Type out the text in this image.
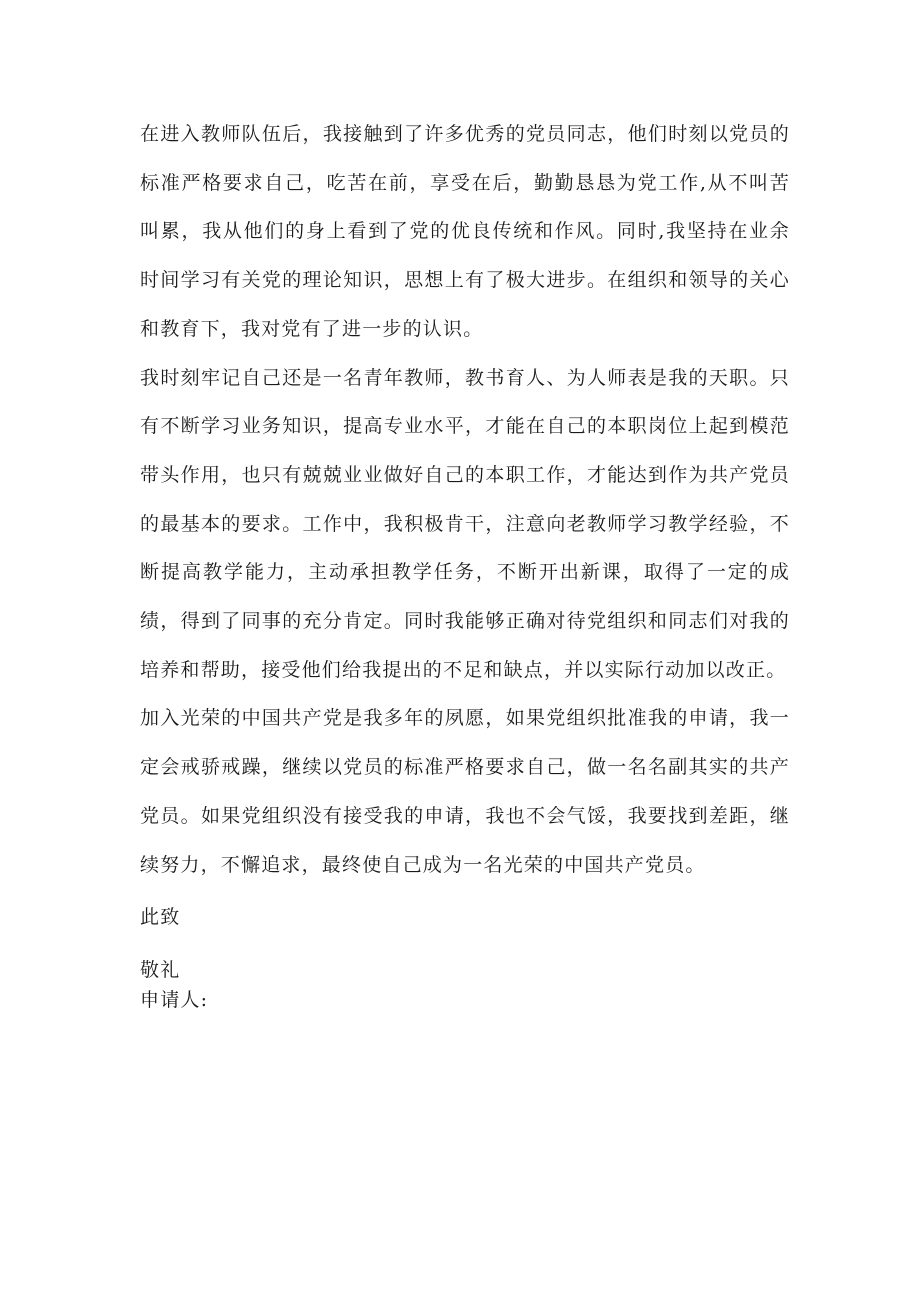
在进入教师队伍后，我接触到了许多优秀的党员同志，他们时刻以党员的标准严格要求自己，吃苦在前，享受在后，勤勤恳恳为党工作,从不叫苦叫累，我从他们的身上看到了党的优良传统和作风。同时,我坚持在业余时间学习有关党的理论知识，思想上有了极大进步。在组织和领导的关心和教育下，我对党有了进一步的认识。

我时刻牢记自己还是一名青年教师，教书育人、为人师表是我的天职。只有不断学习业务知识，提高专业水平，才能在自己的本职岗位上起到模范带头作用，也只有兢兢业业做好自己的本职工作，才能达到作为共产党员的最基本的要求。工作中，我积极肯干，注意向老教师学习教学经验，不断提高教学能力，主动承担教学任务，不断开出新课，取得了一定的成绩，得到了同事的充分肯定。同时我能够正确对待党组织和同志们对我的培养和帮助，接受他们给我提出的不足和缺点，并以实际行动加以改正。

加入光荣的中国共产党是我多年的夙愿，如果党组织批准我的申请，我一定会戒骄戒躁，继续以党员的标准严格要求自己，做一名名副其实的共产党员。如果党组织没有接受我的申请，我也不会气馁，我要找到差距，继续努力，不懈追求，最终使自己成为一名光荣的中国共产党员。

此致

敬礼

申请人:
